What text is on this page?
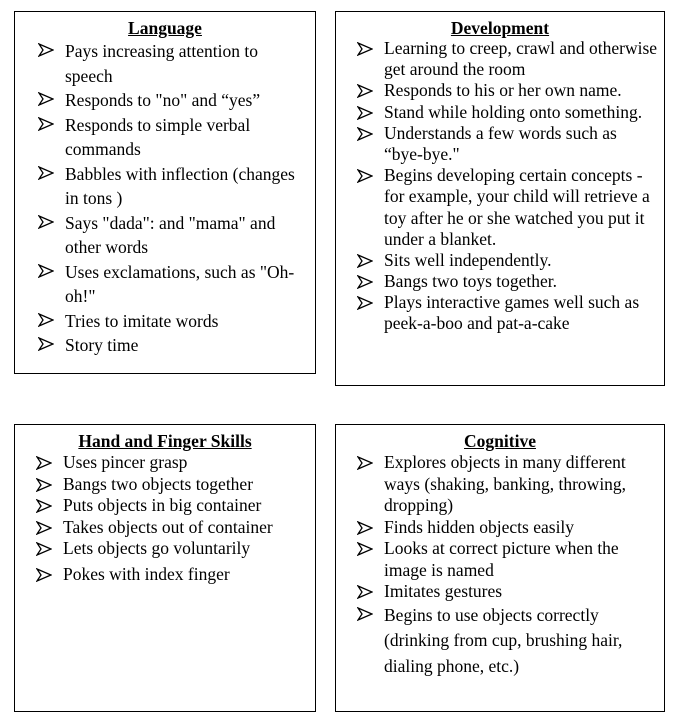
Language
Pays increasing attention to speech
Responds to "no" and “yes”
Responds to simple verbal commands
Babbles with inflection (changes in tons )
Says "dada": and "mama" and other words
Uses exclamations, such as "Oh-oh!"
Tries to imitate words
Story time
Development
Learning to creep, crawl and otherwise get around the room
Responds to his or her own name.
Stand while holding onto something.
Understands a few words such as “bye-bye."
Begins developing certain concepts - for example, your child will retrieve a toy after he or she watched you put it under a blanket.
Sits well independently.
Bangs two toys together.
Plays interactive games well such as peek-a-boo and pat-a-cake
Hand and Finger Skills
Uses pincer grasp
Bangs two objects together
Puts objects in big container
Takes objects out of container
Lets objects go voluntarily
Pokes with index finger
Cognitive
Explores objects in many different ways (shaking, banking, throwing, dropping)
Finds hidden objects easily
Looks at correct picture when the image is named
Imitates gestures
Begins to use objects correctly (drinking from cup, brushing hair, dialing phone, etc.)
